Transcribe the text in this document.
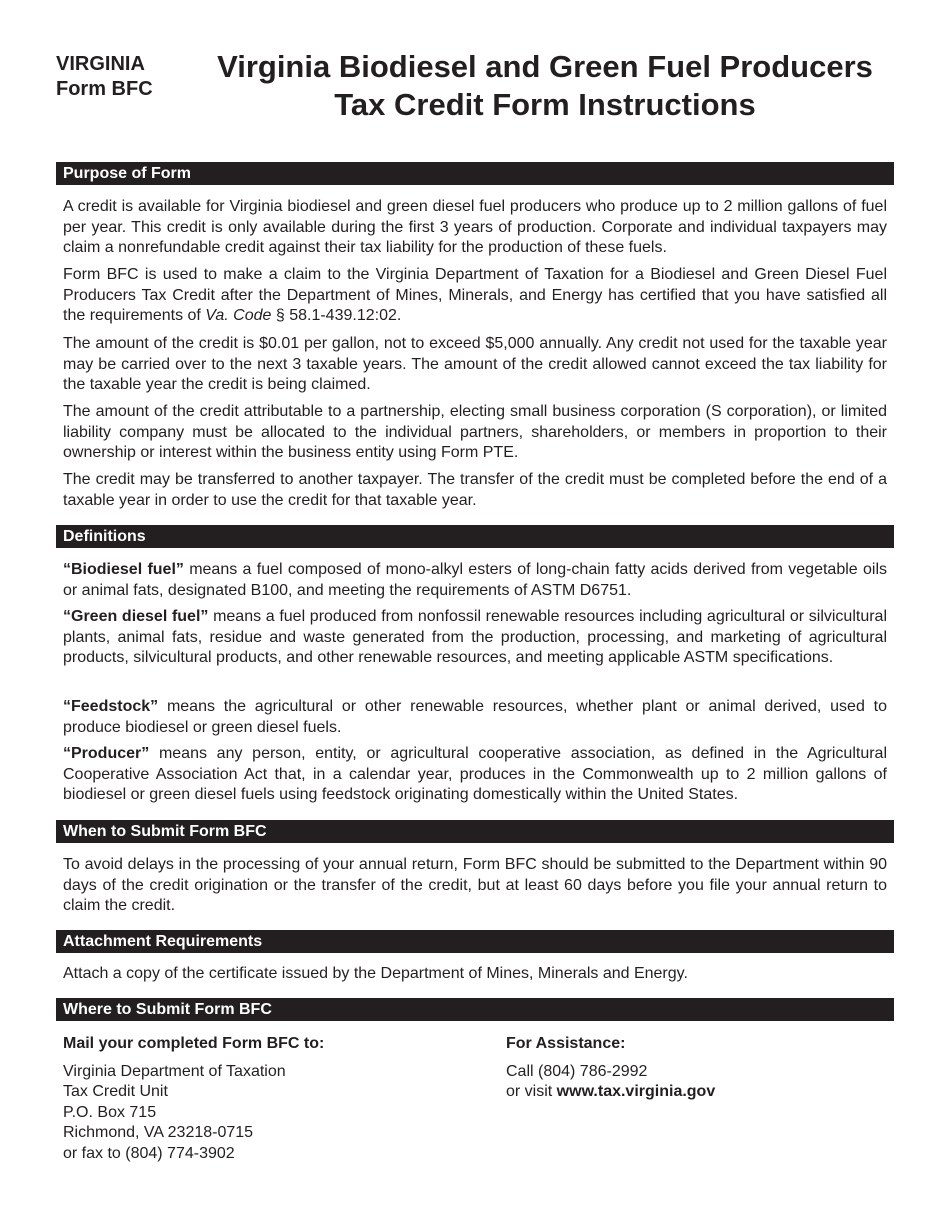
VIRGINIA
Form BFC
Virginia Biodiesel and Green Fuel Producers
Tax Credit Form Instructions
Purpose of Form

A credit is available for Virginia biodiesel and green diesel fuel producers who produce up to 2 million gallons of fuel per year. This credit is only available during the first 3 years of production. Corporate and individual taxpayers may claim a nonrefundable credit against their tax liability for the production of these fuels.

Form BFC is used to make a claim to the Virginia Department of Taxation for a Biodiesel and Green Diesel Fuel Producers Tax Credit after the Department of Mines, Minerals, and Energy has certified that you have satisfied all the requirements of Va. Code § 58.1-439.12:02.

The amount of the credit is $0.01 per gallon, not to exceed $5,000 annually. Any credit not used for the taxable year may be carried over to the next 3 taxable years. The amount of the credit allowed cannot exceed the tax liability for the taxable year the credit is being claimed.

The amount of the credit attributable to a partnership, electing small business corporation (S corporation), or limited liability company must be allocated to the individual partners, shareholders, or members in proportion to their ownership or interest within the business entity using Form PTE.

The credit may be transferred to another taxpayer. The transfer of the credit must be completed before the end of a taxable year in order to use the credit for that taxable year.

Definitions

“Biodiesel fuel” means a fuel composed of mono-alkyl esters of long-chain fatty acids derived from vegetable oils or animal fats, designated B100, and meeting the requirements of ASTM D6751.

“Green diesel fuel” means a fuel produced from nonfossil renewable resources including agricultural or silvicultural plants, animal fats, residue and waste generated from the production, processing, and marketing of agricultural products, silvicultural products, and other renewable resources, and meeting applicable ASTM specifications.

“Feedstock” means the agricultural or other renewable resources, whether plant or animal derived, used to produce biodiesel or green diesel fuels.

“Producer” means any person, entity, or agricultural cooperative association, as defined in the Agricultural Cooperative Association Act that, in a calendar year, produces in the Commonwealth up to 2 million gallons of biodiesel or green diesel fuels using feedstock originating domestically within the United States.

When to Submit Form BFC

To avoid delays in the processing of your annual return, Form BFC should be submitted to the Department within 90 days of the credit origination or the transfer of the credit, but at least 60 days before you file your annual return to claim the credit.

Attachment Requirements

Attach a copy of the certificate issued by the Department of Mines, Minerals and Energy.

Where to Submit Form BFC
Mail your completed Form BFC to:
Virginia Department of Taxation
Tax Credit Unit
P.O. Box 715
Richmond, VA 23218-0715
or fax to (804) 774-3902
For Assistance:
Call (804) 786-2992
or visit www.tax.virginia.gov
